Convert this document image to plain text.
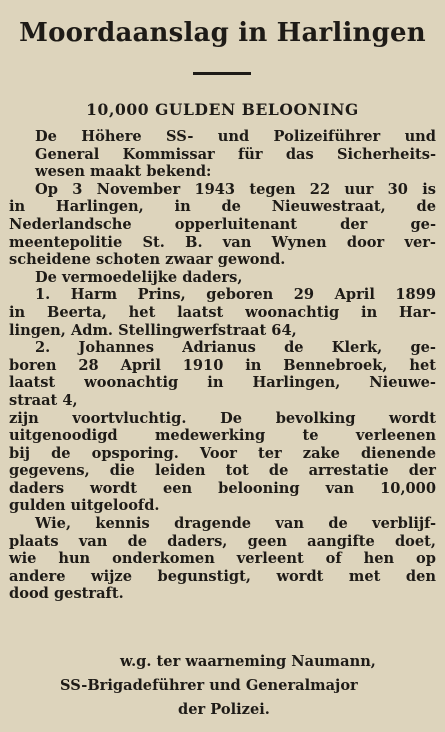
Moordaanslag in Harlingen
10,000 GULDEN BELOONING
De Höhere SS- und Polizeiführer und
General Kommissar für das Sicherheits-
wesen maakt bekend:
Op 3 November 1943 tegen 22 uur 30 is
in Harlingen, in de Nieuwestraat, de
Nederlandsche opperluitenant der ge-
meentepolitie St. B. van Wynen door ver-
scheidene schoten zwaar gewond.
De vermoedelijke daders,
1. Harm Prins, geboren 29 April 1899
in Beerta, het laatst woonachtig in Har-
lingen, Adm. Stellingwerfstraat 64,
2. Johannes Adrianus de Klerk, ge-
boren 28 April 1910 in Bennebroek, het
laatst woonachtig in Harlingen, Nieuwe-
straat 4,
zijn voortvluchtig. De bevolking wordt
uitgenoodigd medewerking te verleenen
bij de opsporing. Voor ter zake dienende
gegevens, die leiden tot de arrestatie der
daders wordt een belooning van 10,000
gulden uitgeloofd.
Wie, kennis dragende van de verblijf-
plaats van de daders, geen aangifte doet,
wie hun onderkomen verleent of hen op
andere wijze begunstigt, wordt met den
dood gestraft.
w.g. ter waarneming Naumann,
SS-Brigadeführer und Generalmajor
der Polizei.
